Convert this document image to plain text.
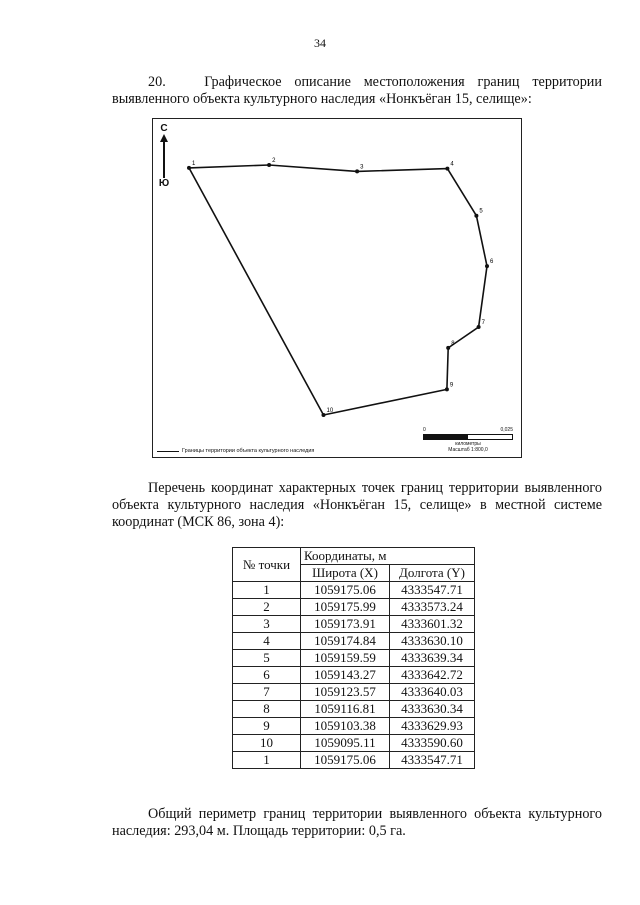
34

20.	Графическое описание местоположения границ территории выявленного объекта культурного наследия «Нонкъёган 15, селище»:

1	2
3	4
5
6
7
8
9
10
С
Ю
Границы территории объекта культурного наследия
0	0,025
километры
Масштаб 1:800,0

Перечень координат характерных точек границ территории выявленного объекта культурного наследия «Нонкъёган 15, селище» в местной системе координат (МСК 86, зона 4):

№ точки	Координаты, м	
	Широта (X)	Долгота (Y)
1	1059175.06	4333547.71
2	1059175.99	4333573.24
3	1059173.91	4333601.32
4	1059174.84	4333630.10
5	1059159.59	4333639.34
6	1059143.27	4333642.72
7	1059123.57	4333640.03
8	1059116.81	4333630.34
9	1059103.38	4333629.93
10	1059095.11	4333590.60
1	1059175.06	4333547.71

Общий периметр границ территории выявленного объекта культурного наследия: 293,04 м. Площадь территории: 0,5 га.
